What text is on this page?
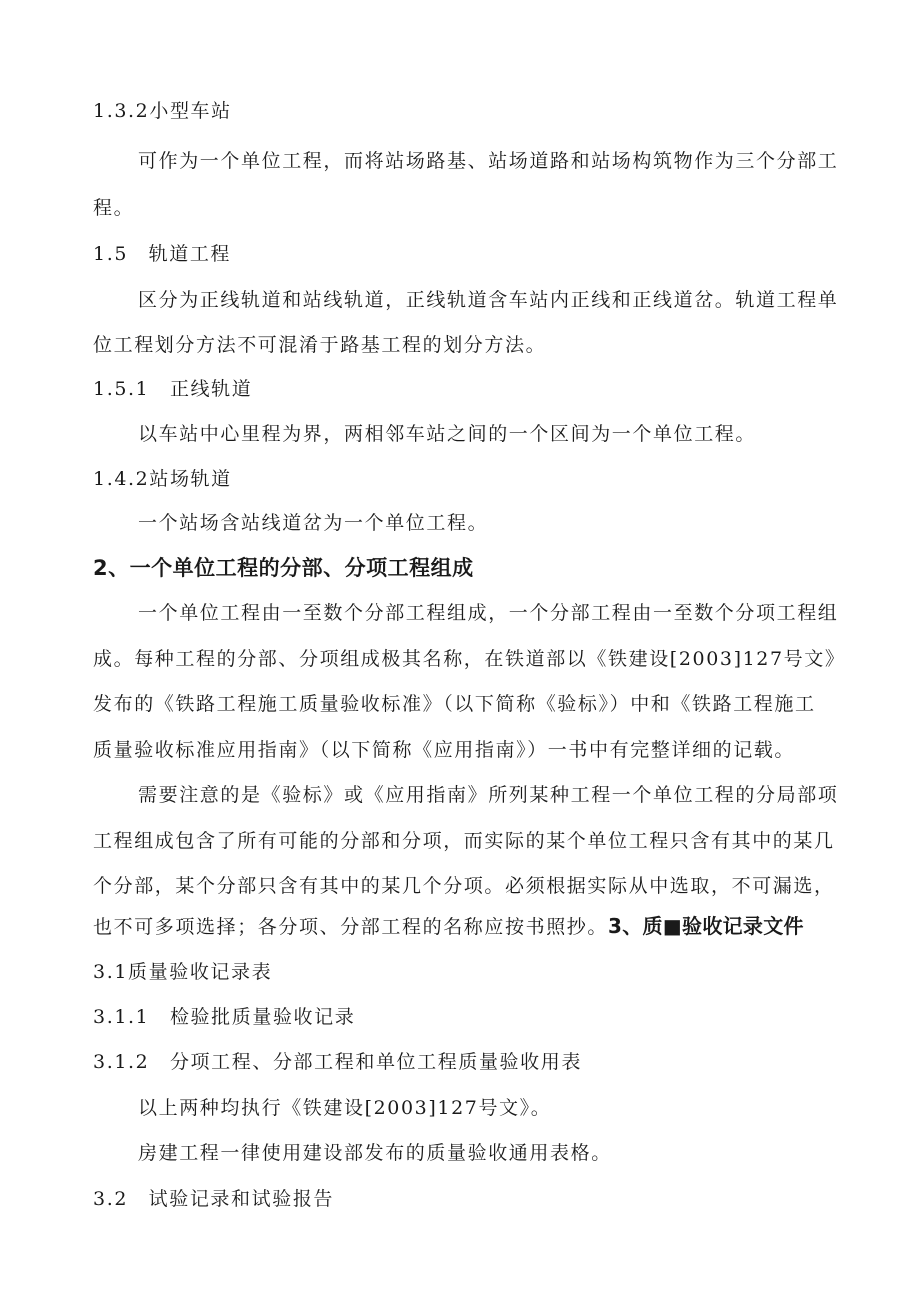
1.3.2小型车站
可作为一个单位工程，而将站场路基、站场道路和站场构筑物作为三个分部工
程。
1.5　轨道工程
区分为正线轨道和站线轨道，正线轨道含车站内正线和正线道岔。轨道工程单
位工程划分方法不可混淆于路基工程的划分方法。
1.5.1　正线轨道
以车站中心里程为界，两相邻车站之间的一个区间为一个单位工程。
1.4.2站场轨道
一个站场含站线道岔为一个单位工程。
2、一个单位工程的分部、分项工程组成
一个单位工程由一至数个分部工程组成，一个分部工程由一至数个分项工程组
成。每种工程的分部、分项组成极其名称，在铁道部以《铁建设[2003]127号文》
发布的《铁路工程施工质量验收标准》（以下简称《验标》）中和《铁路工程施工
质量验收标准应用指南》（以下简称《应用指南》）一书中有完整详细的记载。
需要注意的是《验标》或《应用指南》所列某种工程一个单位工程的分局部项
工程组成包含了所有可能的分部和分项，而实际的某个单位工程只含有其中的某几
个分部，某个分部只含有其中的某几个分项。必须根据实际从中选取，不可漏选，
也不可多项选择；各分项、分部工程的名称应按书照抄。3、质■验收记录文件
3.1质量验收记录表
3.1.1　检验批质量验收记录
3.1.2　分项工程、分部工程和单位工程质量验收用表
以上两种均执行《铁建设[2003]127号文》。
房建工程一律使用建设部发布的质量验收通用表格。
3.2　试验记录和试验报告
